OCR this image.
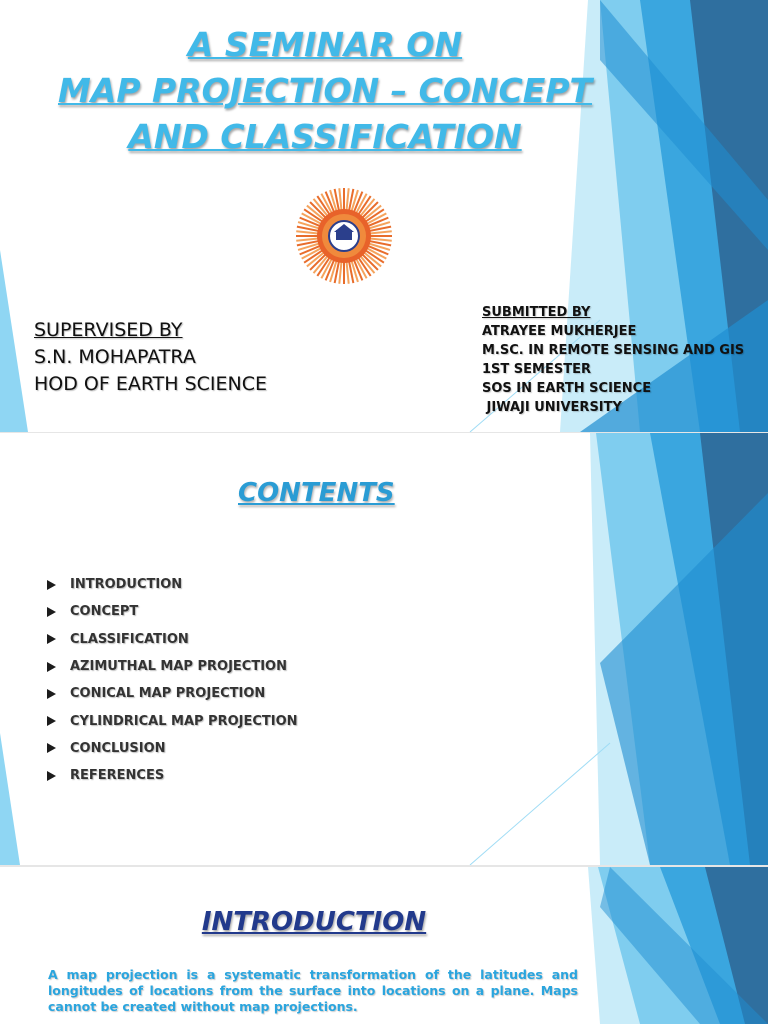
A SEMINAR ON
MAP PROJECTION – CONCEPT
AND CLASSIFICATION
SUPERVISED BY
S.N. MOHAPATRA
HOD OF EARTH SCIENCE
SUBMITTED BY
ATRAYEE MUKHERJEE
M.SC. IN REMOTE SENSING AND GIS
1ST SEMESTER
SOS IN EARTH SCIENCE
JIWAJI UNIVERSITY
CONTENTS
INTRODUCTION
CONCEPT
CLASSIFICATION
AZIMUTHAL MAP PROJECTION
CONICAL MAP PROJECTION
CYLINDRICAL MAP PROJECTION
CONCLUSION
REFERENCES
INTRODUCTION
A map projection is a systematic transformation of the latitudes and longitudes of locations from the surface into locations on a plane. Maps cannot be created without map projections.
